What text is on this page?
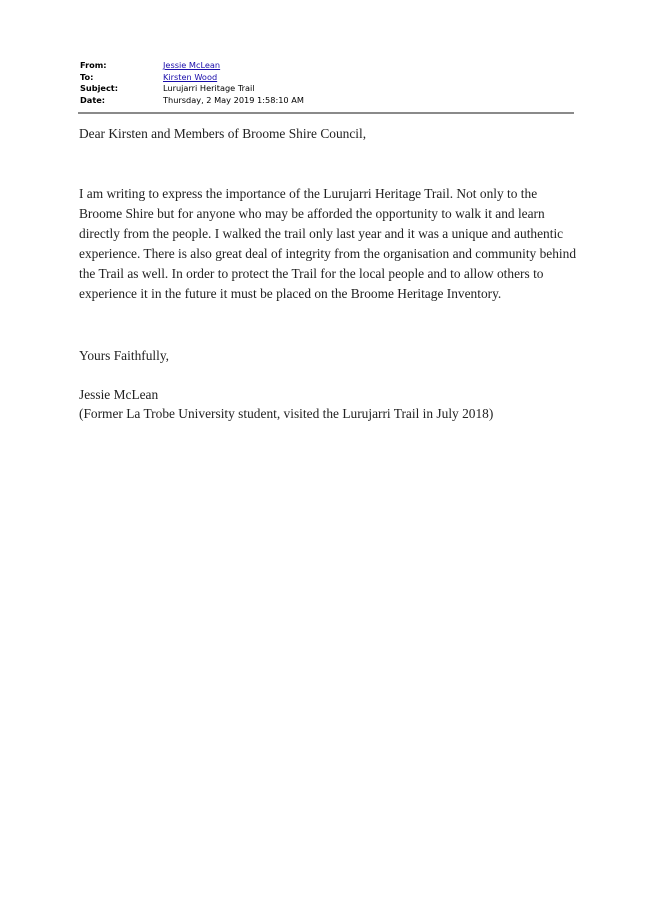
From:	Jessie McLean
To:	Kirsten Wood
Subject:	Lurujarri Heritage Trail
Date:	Thursday, 2 May 2019 1:58:10 AM

Dear Kirsten and Members of Broome Shire Council,

I am writing to express the importance of the Lurujarri Heritage Trail. Not only to the Broome Shire but for anyone who may be afforded the opportunity to walk it and learn directly from the people. I walked the trail only last year and it was a unique and authentic experience. There is also great deal of integrity from the organisation and community behind the Trail as well. In order to protect the Trail for the local people and to allow others to experience it in the future it must be placed on the Broome Heritage Inventory.

Yours Faithfully,

Jessie McLean

(Former La Trobe University student, visited the Lurujarri Trail in July 2018)
